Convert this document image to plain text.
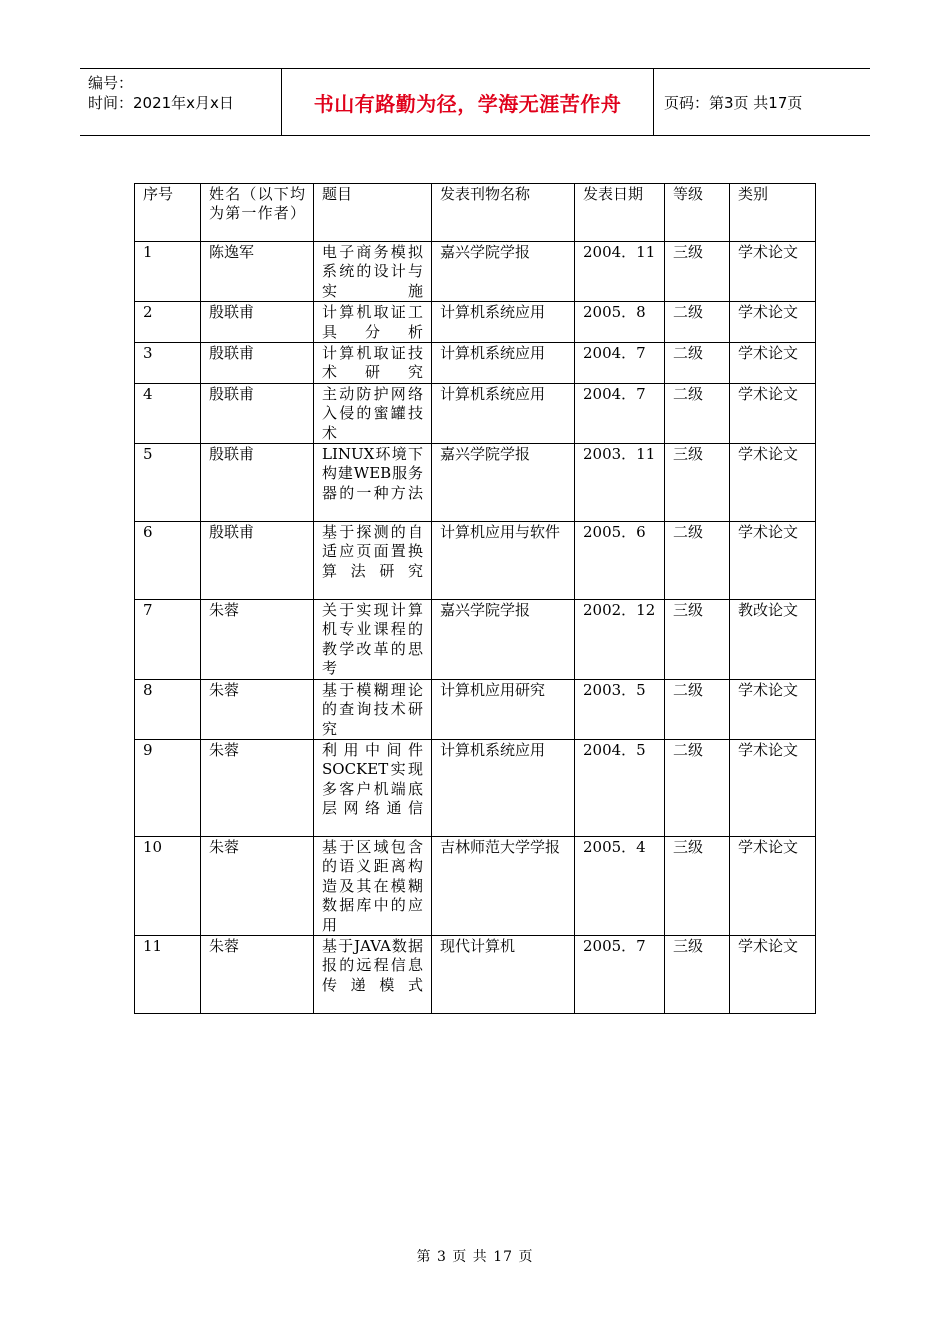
编号：
时间：2021年x月x日	书山有路勤为径，学海无涯苦作舟	页码：第3页 共17页
序号	姓名（以下均为第一作者）	题目	发表刊物名称	发表日期	等级	类别
1	陈逸军	电子商务模拟系统的设计与实施	嘉兴学院学报	2004．11	三级	学术论文
2	殷联甫	计算机取证工具分析	计算机系统应用	2005．8	二级	学术论文
3	殷联甫	计算机取证技术研究	计算机系统应用	2004．7	二级	学术论文
4	殷联甫	主动防护网络入侵的蜜罐技术	计算机系统应用	2004．7	二级	学术论文
5	殷联甫	LINUX环境下构建WEB服务器的一种方法	嘉兴学院学报	2003．11	三级	学术论文
6	殷联甫	基于探测的自适应页面置换算法研究	计算机应用与软件	2005．6	二级	学术论文
7	朱蓉	关于实现计算机专业课程的教学改革的思考	嘉兴学院学报	2002．12	三级	教改论文
8	朱蓉	基于模糊理论的查询技术研究	计算机应用研究	2003．5	二级	学术论文
9	朱蓉	利用中间件SOCKET实现多客户机端底层网络通信	计算机系统应用	2004．5	二级	学术论文
10	朱蓉	基于区域包含的语义距离构造及其在模糊数据库中的应用	吉林师范大学学报	2005．4	三级	学术论文
11	朱蓉	基于JAVA数据报的远程信息传递模式	现代计算机	2005．7	三级	学术论文
第 3 页 共 17 页
